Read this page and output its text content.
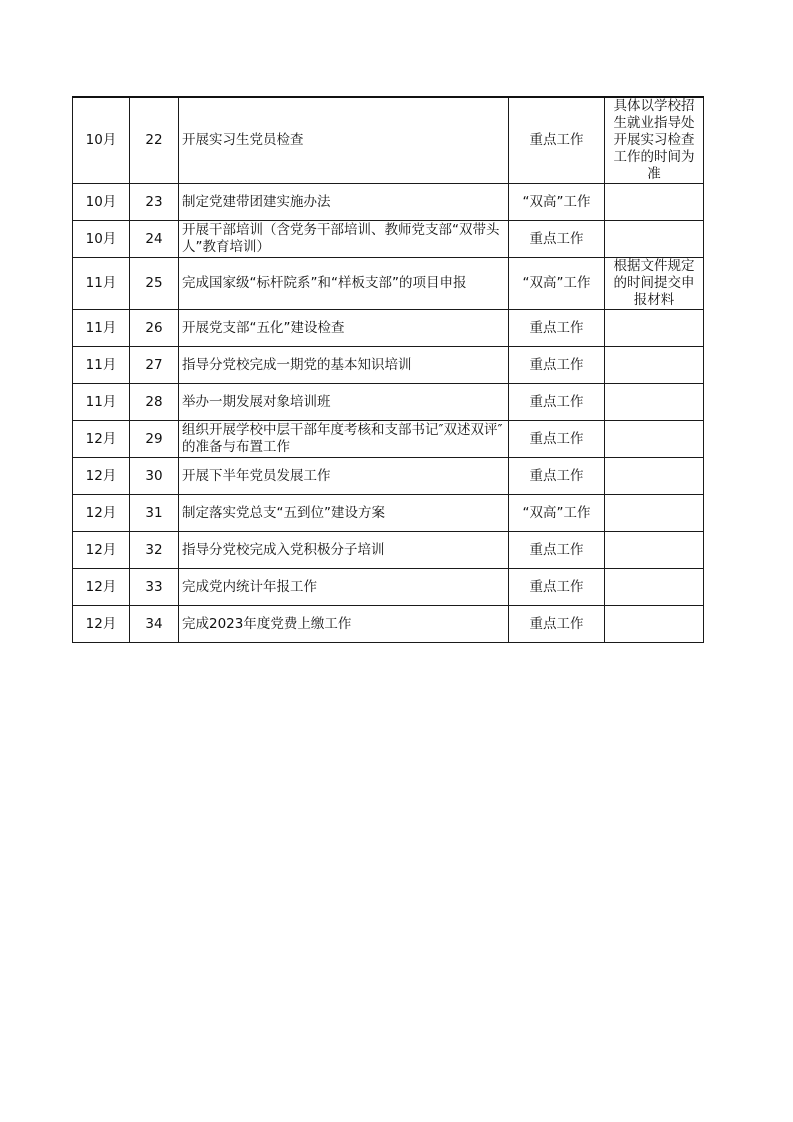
10月	22	开展实习生党员检查	重点工作	具体以学校招生就业指导处开展实习检查工作的时间为准
10月	23	制定党建带团建实施办法	“双高”工作	
10月	24	开展干部培训（含党务干部培训、教师党支部“双带头人”教育培训）	重点工作	
11月	25	完成国家级“标杆院系”和“样板支部”的项目申报	“双高”工作	根据文件规定的时间提交申报材料
11月	26	开展党支部“五化”建设检查	重点工作	
11月	27	指导分党校完成一期党的基本知识培训	重点工作	
11月	28	举办一期发展对象培训班	重点工作	
12月	29	组织开展学校中层干部年度考核和支部书记″双述双评″的准备与布置工作	重点工作	
12月	30	开展下半年党员发展工作	重点工作	
12月	31	制定落实党总支“五到位”建设方案	“双高”工作	
12月	32	指导分党校完成入党积极分子培训	重点工作	
12月	33	完成党内统计年报工作	重点工作	
12月	34	完成2023年度党费上缴工作	重点工作	
